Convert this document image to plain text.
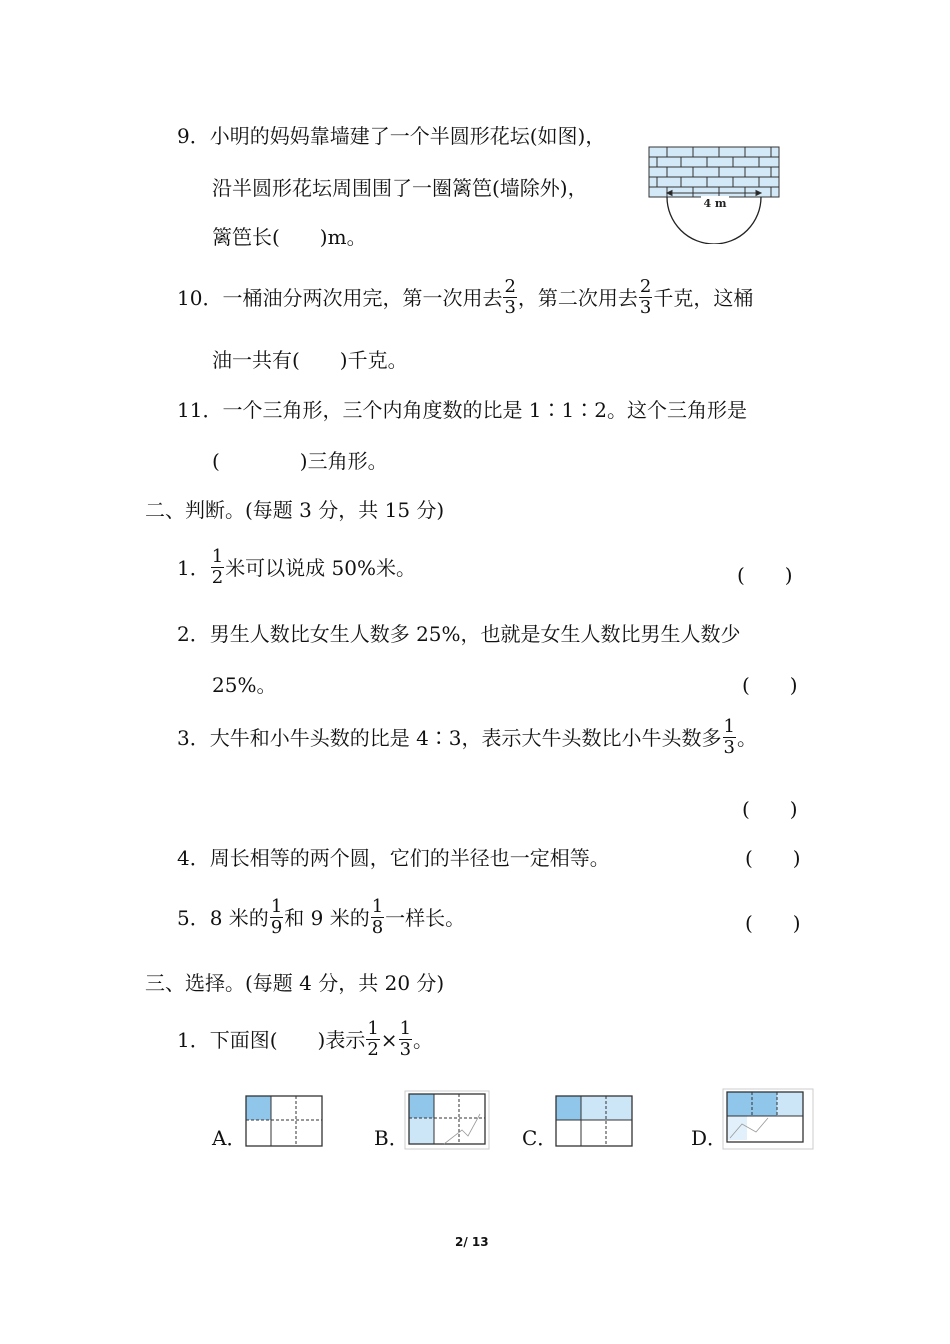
9．小明的妈妈靠墙建了一个半圆形花坛(如图)，
沿半圆形花坛周围围了一圈篱笆(墙除外)，
篱笆长(　　)m。
4 m
10．一桶油分两次用完，第一次用去 $\frac{2}{3}$ ，第二次用去 $\frac{2}{3}$ 千克，这桶
油一共有(　　)千克。
11．一个三角形，三个内角度数的比是 1∶1∶2。这个三角形是
(　　　　)三角形。
二、判断。(每题 3 分，共 15 分)
1． $\frac{1}{2}$ 米可以说成 50%米。	(　　)
2．男生人数比女生人数多 25%，也就是女生人数比男生人数少
25%。	(　　)
3．大牛和小牛头数的比是 4∶3，表示大牛头数比小牛头数多 $\frac{1}{3}$ 。
(　　)
4．周长相等的两个圆，它们的半径也一定相等。	(　　)
5．8 米的 $\frac{1}{9}$ 和 9 米的 $\frac{1}{8}$ 一样长。	(　　)
三、选择。(每题 4 分，共 20 分)
1．下面图(　　)表示 $\frac{1}{2} \times \frac{1}{3}$ 。
A．	B．	C．	D．
2/ 13
